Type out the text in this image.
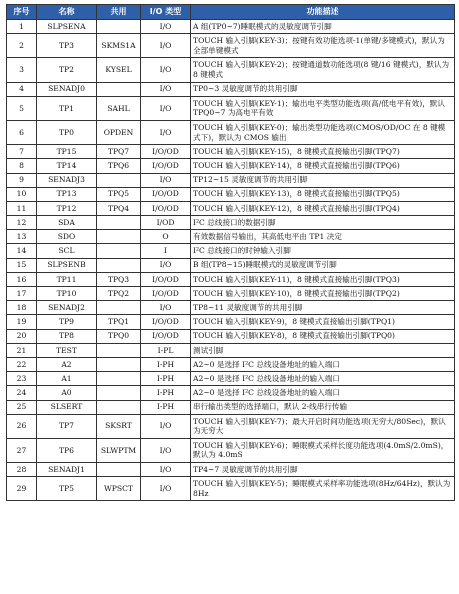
序号	名称	共用	I/O 类型	功能描述
1	SLPSENA		I/O	A 组(TP0~7)睡眠模式的灵敏度调节引脚
2	TP3	SKMS1A	I/O	TOUCH 输入引脚(KEY-3)；按键有效功能选项-1(单键/多键模式)，默认为全部单键模式
3	TP2	KYSEL	I/O	TOUCH 输入引脚(KEY-2)；按键通道数功能选项(8 键/16 键模式)，默认为 8 键模式
4	SENADJ0		I/O	TP0~3 灵敏度调节的共用引脚
5	TP1	SAHL	I/O	TOUCH 输入引脚(KEY-1)；输出电平类型功能选项(高/低电平有效)，默认 TPQ0~7 为高电平有效
6	TP0	OPDEN	I/O	TOUCH 输入引脚(KEY-0)；输出类型功能选项(CMOS/OD/OC 在 8 键模式下)，默认为 CMOS 输出
7	TP15	TPQ7	I/O/OD	TOUCH 输入引脚(KEY-15)，8 键模式直接输出引脚(TPQ7)
8	TP14	TPQ6	I/O/OD	TOUCH 输入引脚(KEY-14)，8 键模式直接输出引脚(TPQ6)
9	SENADJ3		I/O	TP12~15 灵敏度调节的共用引脚
10	TP13	TPQ5	I/O/OD	TOUCH 输入引脚(KEY-13)，8 键模式直接输出引脚(TPQ5)
11	TP12	TPQ4	I/O/OD	TOUCH 输入引脚(KEY-12)，8 键模式直接输出引脚(TPQ4)
12	SDA		I/OD	I²C 总线接口的数据引脚
13	SDO		O	有效数据信号输出，其高低电平由 TP1 决定
14	SCL		I	I²C 总线接口的时钟输入引脚
15	SLPSENB		I/O	B 组(TP8~15)睡眠模式的灵敏度调节引脚
16	TP11	TPQ3	I/O/OD	TOUCH 输入引脚(KEY-11)，8 键模式直接输出引脚(TPQ3)
17	TP10	TPQ2	I/O/OD	TOUCH 输入引脚(KEY-10)，8 键模式直接输出引脚(TPQ2)
18	SENADJ2		I/O	TP8~11 灵敏度调节的共用引脚
19	TP9	TPQ1	I/O/OD	TOUCH 输入引脚(KEY-9)，8 键模式直接输出引脚(TPQ1)
20	TP8	TPQ0	I/O/OD	TOUCH 输入引脚(KEY-8)，8 键模式直接输出引脚(TPQ0)
21	TEST		I-PL	测试引脚
22	A2		I-PH	A2~0 是选择 I²C 总线设备地址的输入端口
23	A1		I-PH	A2~0 是选择 I²C 总线设备地址的输入端口
24	A0		I-PH	A2~0 是选择 I²C 总线设备地址的输入端口
25	SLSERT		I-PH	串行输出类型的选择端口，默认 2-线串行传输
26	TP7	SKSRT	I/O	TOUCH 输入引脚(KEY-7)；最大开启时间功能选项(无穷大/80Sec)，默认为无穷大
27	TP6	SLWPTM	I/O	TOUCH 输入引脚(KEY-6)；睡眠模式采样长度功能选项(4.0mS/2.0mS)，默认为 4.0mS
28	SENADJ1		I/O	TP4~7 灵敏度调节的共用引脚
29	TP5	WPSCT	I/O	TOUCH 输入引脚(KEY-5)；睡眠模式采样率功能选项(8Hz/64Hz)，默认为 8Hz
